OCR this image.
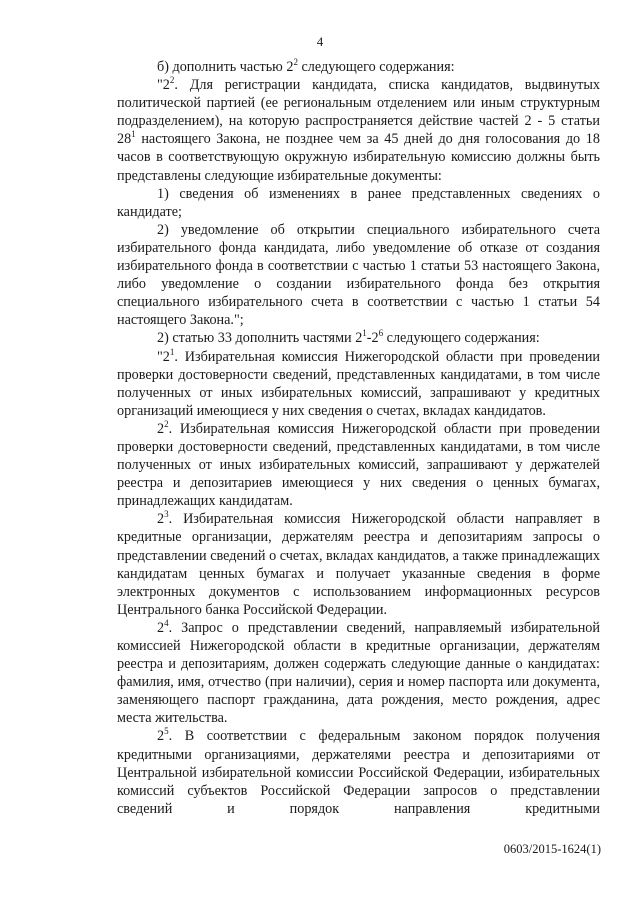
4

б) дополнить частью $2^2$ следующего содержания:

"$2^2$. Для регистрации кандидата, списка кандидатов, выдвинутых политической партией (ее региональным отделением или иным структурным подразделением), на которую распространяется действие частей 2 - 5 статьи $28^1$ настоящего Закона, не позднее чем за 45 дней до дня голосования до 18 часов в соответствующую окружную избирательную комиссию должны быть представлены следующие избирательные документы:

1) сведения об изменениях в ранее представленных сведениях о кандидате;

2) уведомление об открытии специального избирательного счета избирательного фонда кандидата, либо уведомление об отказе от создания избирательного фонда в соответствии с частью 1 статьи 53 настоящего Закона, либо уведомление о создании избирательного фонда без открытия специального избирательного счета в соответствии с частью 1 статьи 54 настоящего Закона.";

2) статью 33 дополнить частями $2^1-2^6$ следующего содержания:

"$2^1$. Избирательная комиссия Нижегородской области при проведении проверки достоверности сведений, представленных кандидатами, в том числе полученных от иных избирательных комиссий, запрашивают у кредитных организаций имеющиеся у них сведения о счетах, вкладах кандидатов.

$2^2$. Избирательная комиссия Нижегородской области при проведении проверки достоверности сведений, представленных кандидатами, в том числе полученных от иных избирательных комиссий, запрашивают у держателей реестра и депозитариев имеющиеся у них сведения о ценных бумагах, принадлежащих кандидатам.

$2^3$. Избирательная комиссия Нижегородской области направляет в кредитные организации, держателям реестра и депозитариям запросы о представлении сведений о счетах, вкладах кандидатов, а также принадлежащих кандидатам ценных бумагах и получает указанные сведения в форме электронных документов с использованием информационных ресурсов Центрального банка Российской Федерации.

$2^4$. Запрос о представлении сведений, направляемый избирательной комиссией Нижегородской области в кредитные организации, держателям реестра и депозитариям, должен содержать следующие данные о кандидатах: фамилия, имя, отчество (при наличии), серия и номер паспорта или документа, заменяющего паспорт гражданина, дата рождения, место рождения, адрес места жительства.

$2^5$. В соответствии с федеральным законом порядок получения кредитными организациями, держателями реестра и депозитариями от Центральной избирательной комиссии Российской Федерации, избирательных комиссий субъектов Российской Федерации запросов о представлении сведений и порядок направления кредитными

0603/2015-1624(1)
